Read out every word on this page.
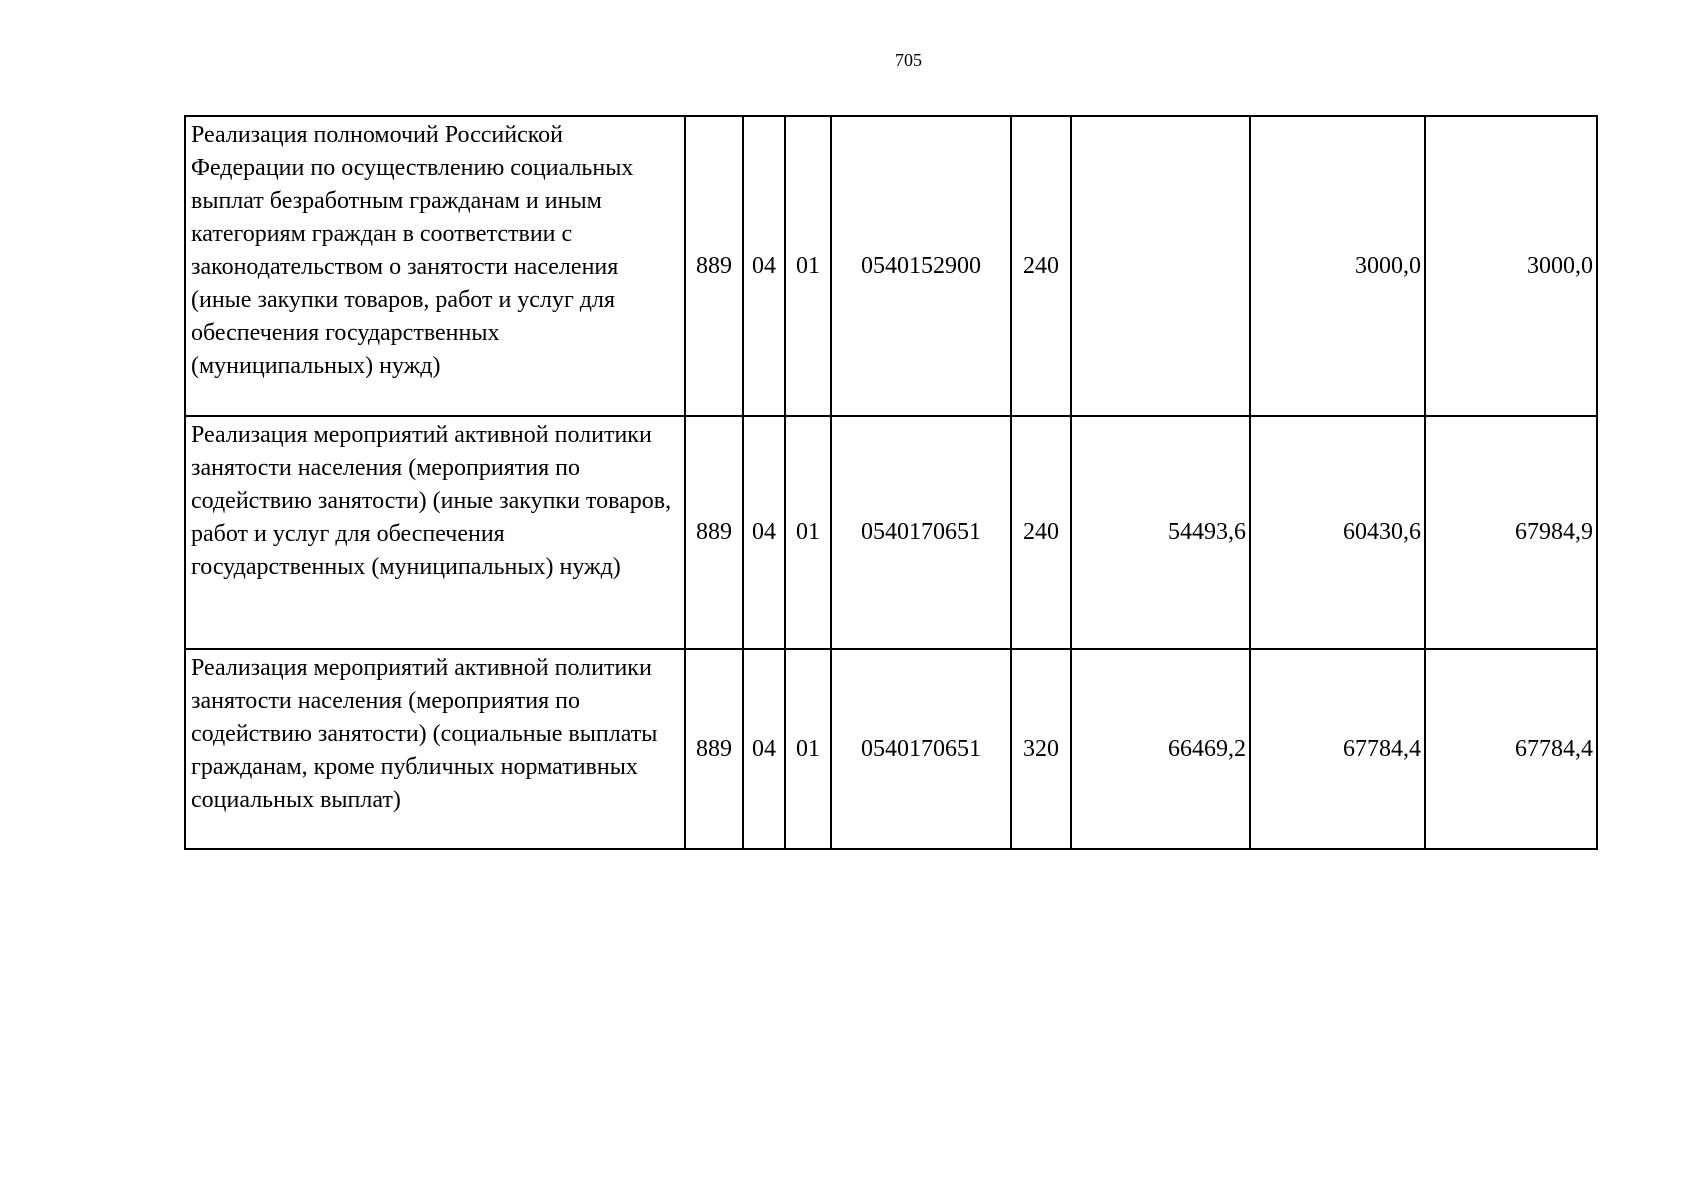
705
Реализация полномочий Российской Федерации по осуществлению социальных выплат безработным гражданам и иным категориям граждан в соответствии с законодательством о занятости населения (иные закупки товаров, работ и услуг для обеспечения государственных (муниципальных) нужд)	889	04	01	0540152900	240		3000,0	3000,0
Реализация мероприятий активной политики занятости населения (мероприятия по содействию занятости) (иные закупки товаров, работ и услуг для обеспечения государственных (муниципальных) нужд)	889	04	01	0540170651	240	54493,6	60430,6	67984,9
Реализация мероприятий активной политики занятости населения (мероприятия по содействию занятости) (социальные выплаты гражданам, кроме публичных нормативных социальных выплат)	889	04	01	0540170651	320	66469,2	67784,4	67784,4
